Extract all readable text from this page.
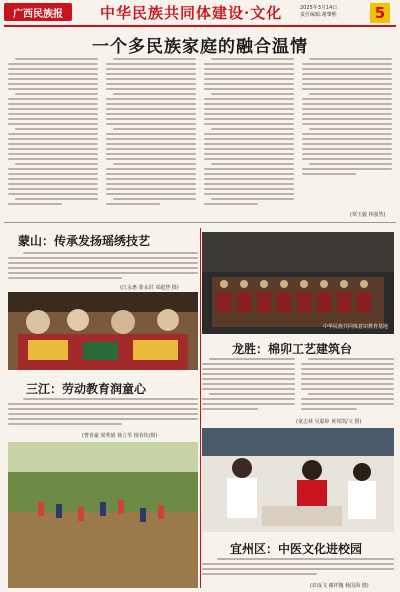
广西民族报	中华民族共同体建设·文化	2025年3月14日
责任编辑:谢肇熙	5
一个多民族家庭的融合温情
(覃玉毅 林强然)
蒙山：传承发扬瑶绣技艺
(江永惠 蒙永洪 邓超慧 摄)
中华民族共同体意识教育基地
龙胜：棉卯工艺建筑台
(童志林 吴聪婷 黄邦凯/文 摄)
三江：劳动教育润童心
(曹喜豪 梁秀娟 杨立苇 杨春钦/摄)
宜州区：中医文化进校园
(农成飞 谢祥魏 杨国海 摄)
